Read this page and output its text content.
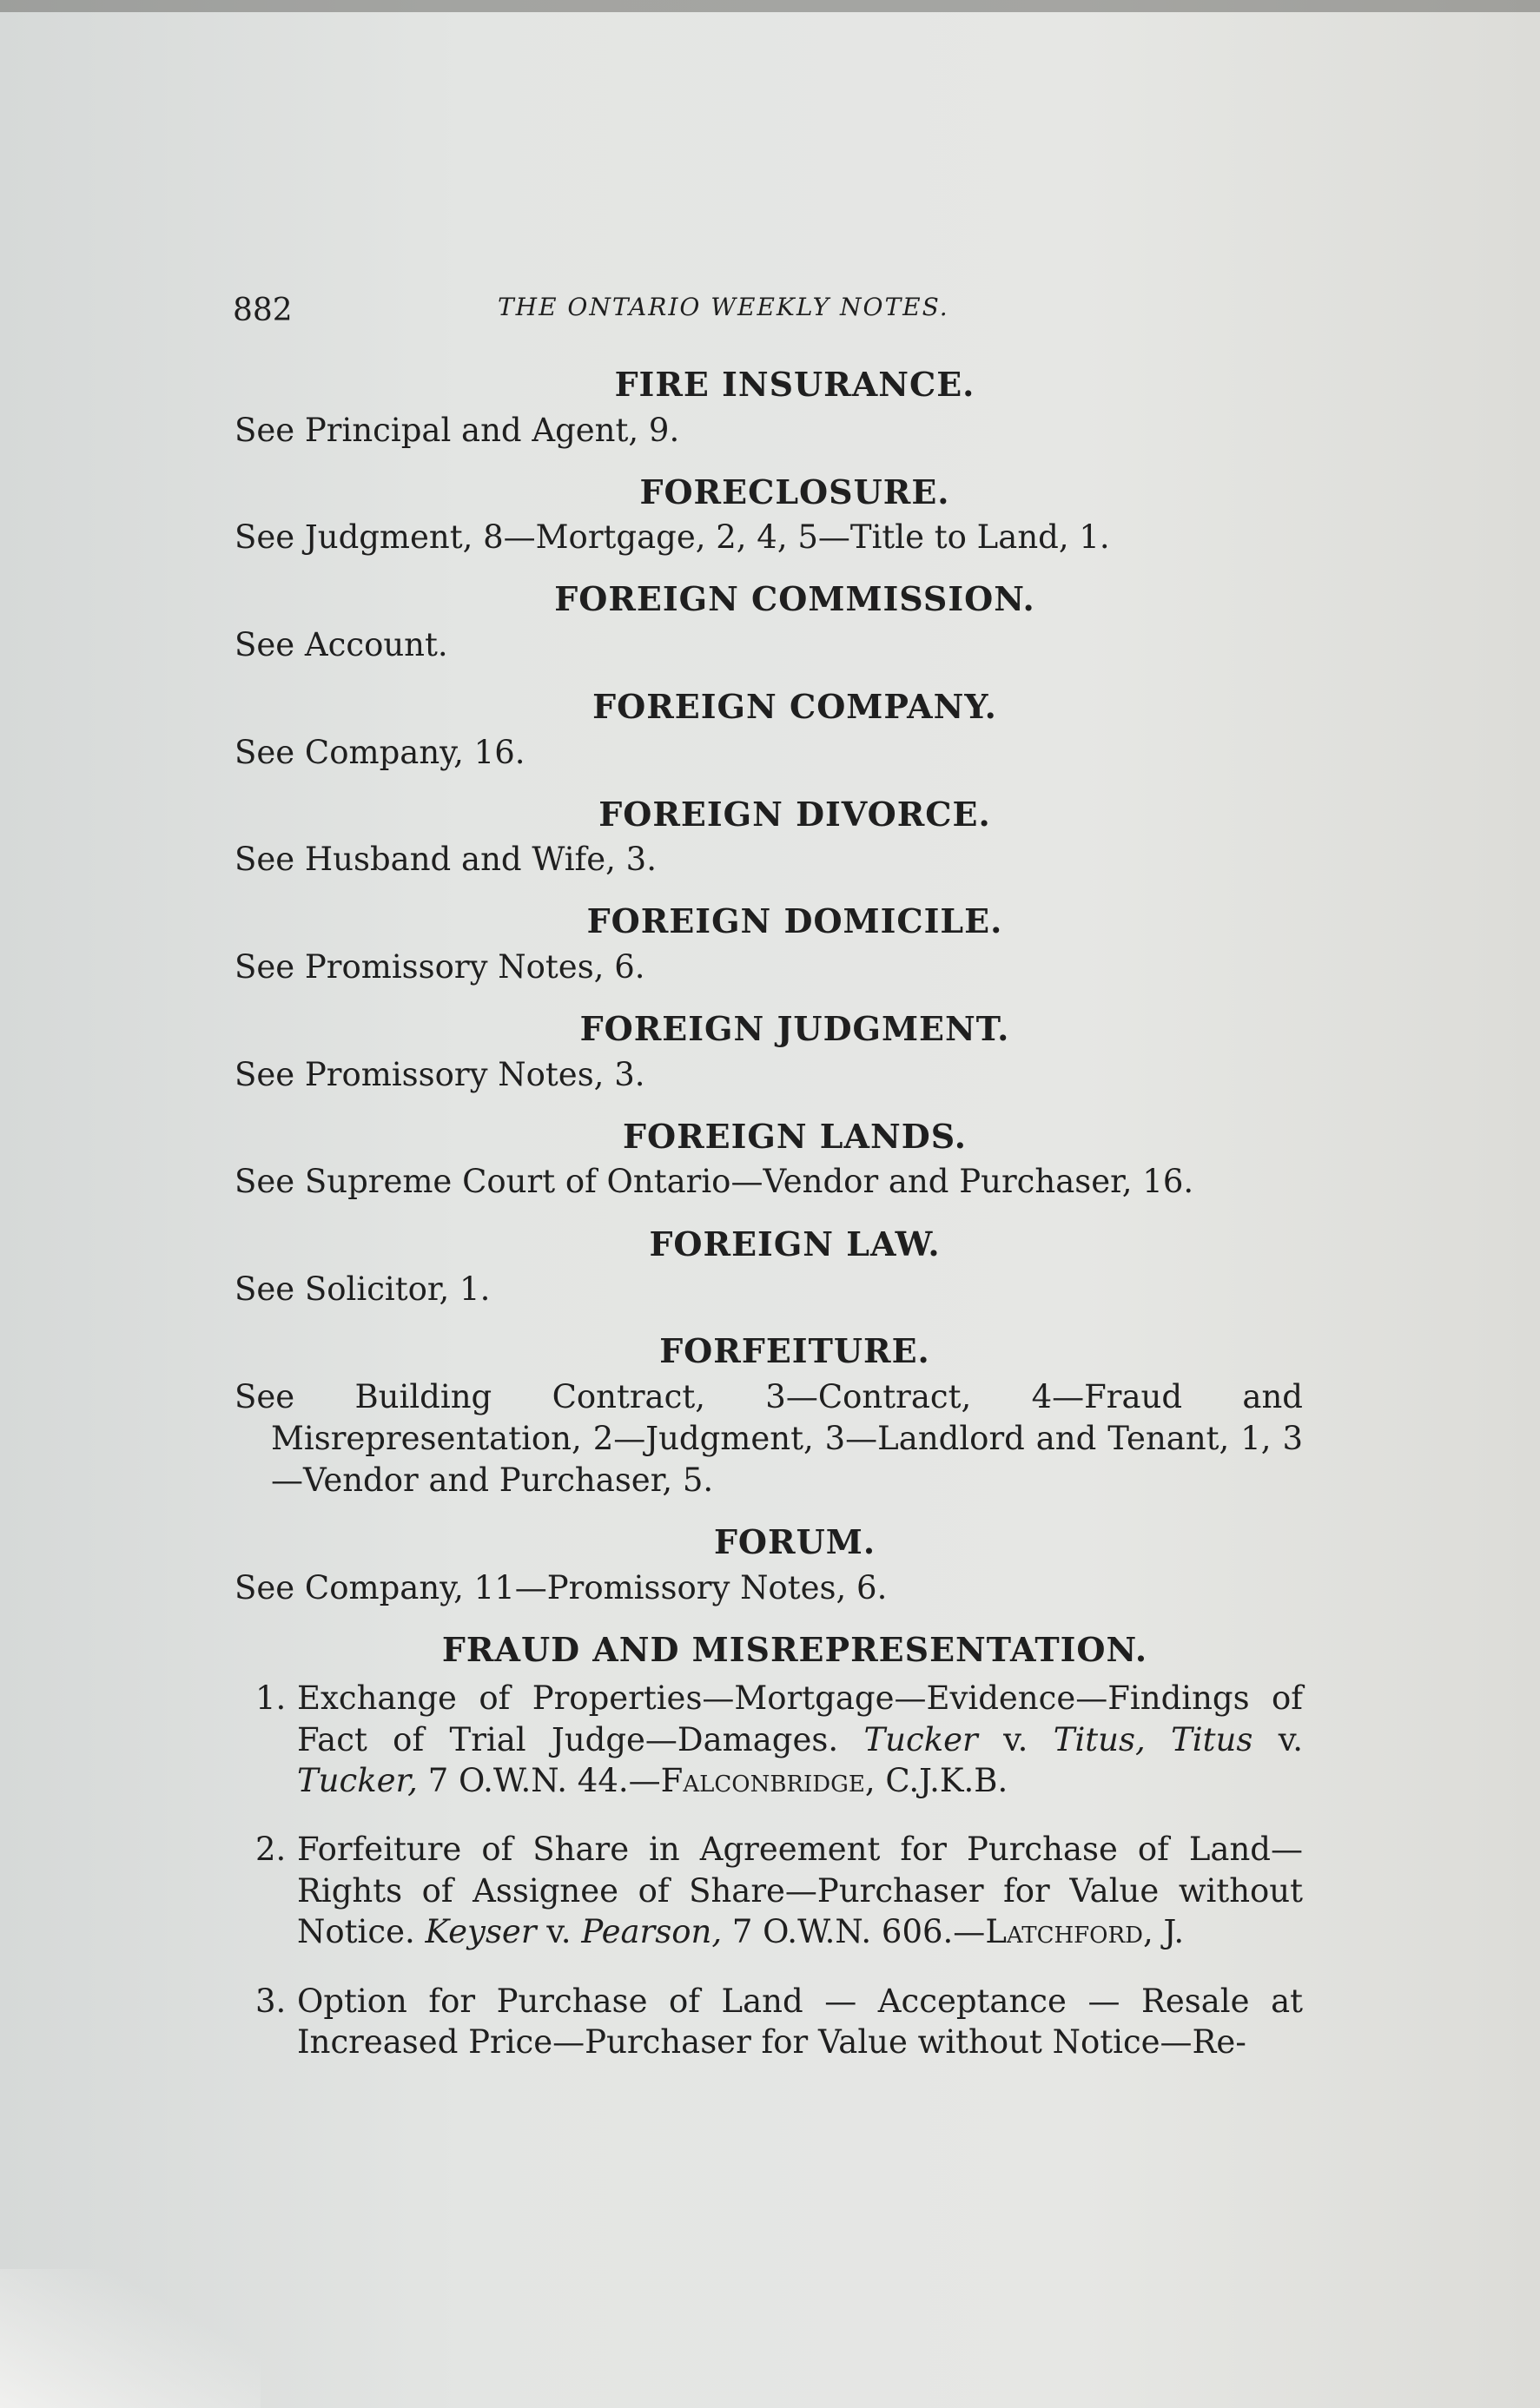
882	THE ONTARIO WEEKLY NOTES.
FIRE INSURANCE.

See Principal and Agent, 9.

FORECLOSURE.

See Judgment, 8—Mortgage, 2, 4, 5—Title to Land, 1.

FOREIGN COMMISSION.

See Account.

FOREIGN COMPANY.

See Company, 16.

FOREIGN DIVORCE.

See Husband and Wife, 3.

FOREIGN DOMICILE.

See Promissory Notes, 6.

FOREIGN JUDGMENT.

See Promissory Notes, 3.

FOREIGN LANDS.

See Supreme Court of Ontario—Vendor and Purchaser, 16.

FOREIGN LAW.

See Solicitor, 1.

FORFEITURE.

See Building Contract, 3—Contract, 4—Fraud and Misrepresentation, 2—Judgment, 3—Landlord and Tenant, 1, 3—Vendor and Purchaser, 5.

FORUM.

See Company, 11—Promissory Notes, 6.

FRAUD AND MISREPRESENTATION.
1. Exchange of Properties—Mortgage—Evidence—Findings of Fact of Trial Judge—Damages. Tucker v. Titus, Titus v. Tucker, 7 O.W.N. 44.—Falconbridge, C.J.K.B.
2. Forfeiture of Share in Agreement for Purchase of Land—Rights of Assignee of Share—Purchaser for Value without Notice. Keyser v. Pearson, 7 O.W.N. 606.—Latchford, J.
3. Option for Purchase of Land — Acceptance — Resale at Increased Price—Purchaser for Value without Notice—Re-
